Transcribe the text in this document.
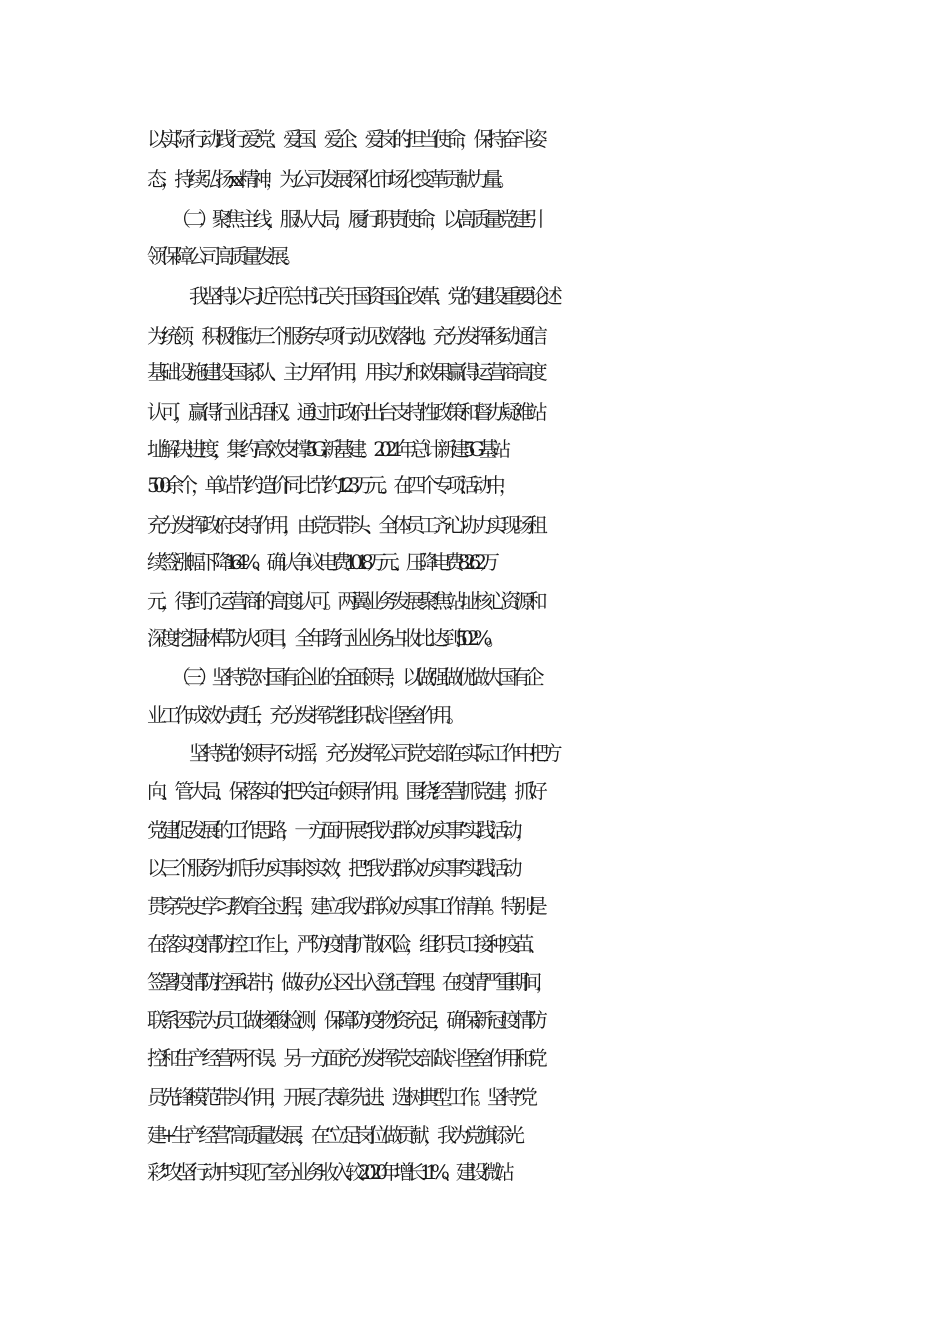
以实际行动践行爱党、爱国、爱企、爱岗的担当使命，保持奋斗姿
态，持续弘扬xx精神，为公司发展深化市场化变革贡献力量。
（二）聚焦主线，服从大局，履行职责使命，以高质量党建引
领保障公司高质量发展。
我坚持以习近平总书记关于国资国企改革、党的建设重要论述
为统领，积极推动三个服务专项行动见效落地。充分发挥移动通信
基础设施建设国家队、主力军作用，用实力和效果赢得运营商高度
认可，赢得行业话语权。通过市政府出台支持性政策和督办疑难站
址解决进度，集约高效支撑5G新基建。2021年总计新建5G基站
500余个，单站节约造价同比节约1.23万元。在四个专项活动中，
充分发挥政府支持作用，由党员带头、全体员工齐心协力实现场租
续签涨幅下降1.64%、确认争议电费101.8万元、压降电费82.62万
元，得到了运营商的高度认可。两翼业务发展聚焦站址核心资源和
深度挖掘林草防火项目，全年跨行业业务占收比达到5.02%。
（三）坚持党对国有企业的全面领导，以做强做优做大国有企
业工作成效为责任，充分发挥党组织战斗堡垒作用。
坚持党的领导不动摇，充分发挥公司党支部在实际工作中把方
向、管大局、保落实的把关定向领导作用。围绕经营抓党建，抓好
党建促发展的工作思路，一方面开展“我为群众办实事”实践活动，
以三个服务为抓手办实事求实效，把“我为群众办实事”实践活动
贯穿党史学习教育全过程，建立我为群众办实事工作清单。特别是
在落实疫情防控工作上，严防疫情扩散风险，组织员工接种疫苗、
签署疫情防控承诺书，做好办公区出入登记管理。在疫情严重期间，
联系医院为员工做核酸检测，保障防疫物资充足，确保新冠疫情防
控和生产经营两不误。另一方面充分发挥党支部战斗堡垒作用和党
员先锋模范带头作用，开展了表彰先进、选树典型工作。坚持“党
建+生产经营”高质量发展，在“立足岗位做贡献，我为党旗添光
彩”攻坚行动中实现了室分业务收入较2020 年增长11%、建设微站
